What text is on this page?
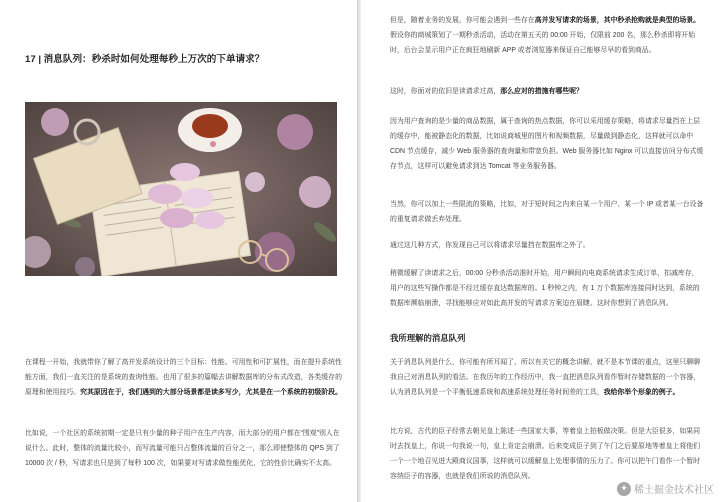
17 | 消息队列：秒杀时如何处理每秒上万次的下单请求？

在课程一开始，我就带你了解了高并发系统设计的三个目标：性能、可用性和可扩展性，而在提升系统性能方面，我们一直关注的是系统的查询性能。也用了很多的篇幅去讲解数据库的分布式改造，各类缓存的原理和使用技巧。究其原因在于，我们遇到的大部分场景都是读多写少，尤其是在一个系统的初级阶段。

比如说，一个社区的系统初期一定是只有少量的种子用户在生产内容，而大部分的用户都在“围观”别人在说什么。此时，整体的流量比较小，而写流量可能只占整体流量的百分之一，那么即使整体的 QPS 到了 10000 次 / 秒，写请求也只是到了每秒 100 次，如果要对写请求做性能优化，它的性价比确实不太高。

但是，随着业务的发展，你可能会遇到一些存在高并发写请求的场景，其中秒杀抢购就是典型的场景。假设你的商城策划了一期秒杀活动，活动在第五天的 00:00 开始，仅限前 200 名，那么秒杀即将开始时，后台会显示用户正在疯狂地刷新 APP 或者浏览器来保证自己能够尽早的看到商品。

这时，你面对的依旧是读请求过高，那么应对的措施有哪些呢？

因为用户查询的是少量的商品数据，属于查询的热点数据，你可以采用缓存策略，将请求尽量挡在上层的缓存中，能被静态化的数据，比如说商城里的图片和视频数据，尽量做到静态化，这样就可以命中 CDN 节点缓存，减少 Web 服务器的查询量和带宽负担。Web 服务器比如 Nginx 可以直接访问分布式缓存节点，这样可以避免请求到达 Tomcat 等业务服务器。

当然，你可以加上一些限流的策略，比如，对于短时间之内来自某一个用户、某一个 IP 或者某一台设备的重复请求做丢弃处理。

通过这几种方式，你发现自己可以将请求尽量挡在数据库之外了。

稍微缓解了读请求之后，00:00 分秒杀活动准时开始，用户瞬间向电商系统请求生成订单，扣减库存，用户的这些写操作都是不经过缓存直达数据库的。1 秒钟之内，有 1 万个数据库连接同时达到，系统的数据库濒临崩溃，寻找能够应对如此高并发的写请求方案迫在眉睫。这时你想到了消息队列。

我所理解的消息队列

关于消息队列是什么，你可能有所耳闻了，所以有关它的概念讲解，就不是本节课的重点，这里只聊聊我自己对消息队列的看法。在我历年的工作经历中，我一直把消息队列看作暂时存储数据的一个容器，认为消息队列是一个平衡低速系统和高速系统处理任务时间差的工具，我给你举个形象的例子。

比方说，古代的臣子经常去朝见皇上陈述一些国家大事，等着皇上拍板做决策。但是大臣很多，如果同时去找皇上，你说一句我说一句，皇上肯定会崩溃。后来变成臣子到了午门之后要原地等着皇上将他们一个一个地召见进大殿商议国事，这样就可以缓解皇上处理事情的压力了。你可以把午门看作一个暂时容纳臣子的容器，也就是我们所说的消息队列。

✦ 稀土掘金技术社区
